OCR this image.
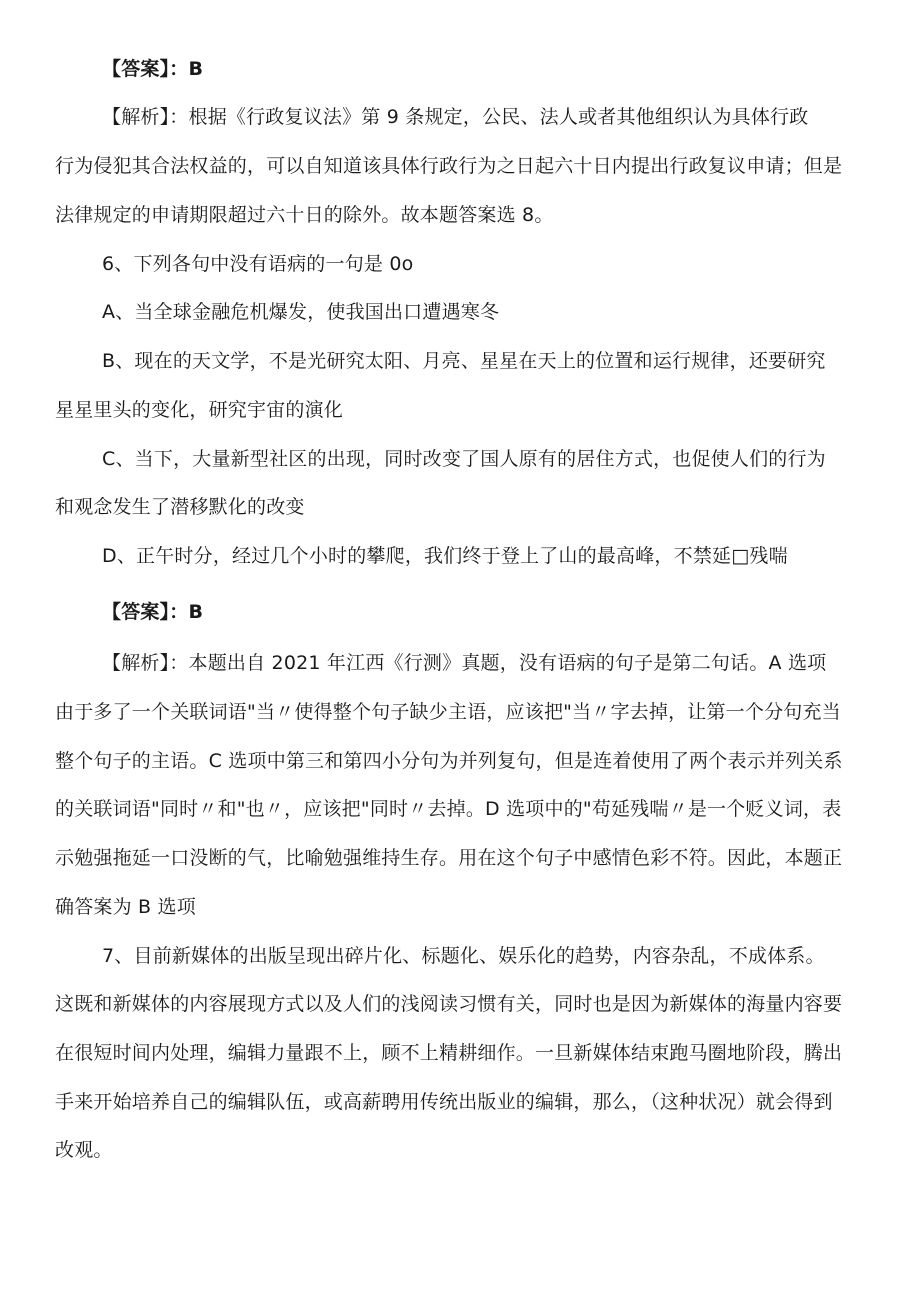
【答案】：B
【解析】：根据《行政复议法》第 9 条规定，公民、法人或者其他组织认为具体行政
行为侵犯其合法权益的，可以自知道该具体行政行为之日起六十日内提出行政复议申请；但是
法律规定的申请期限超过六十日的除外。故本题答案选 8。
6、下列各句中没有语病的一句是 0o
A、当全球金融危机爆发，使我国出口遭遇寒冬
B、现在的天文学，不是光研究太阳、月亮、星星在天上的位置和运行规律，还要研究
星星里头的变化，研究宇宙的演化
C、当下，大量新型社区的出现，同时改变了国人原有的居住方式，也促使人们的行为
和观念发生了潜移默化的改变
D、正午时分，经过几个小时的攀爬，我们终于登上了山的最高峰，不禁延□残喘
【答案】：B
【解析】：本题出自 2021 年江西《行测》真题，没有语病的句子是第二句话。A 选项
由于多了一个关联词语"当〃使得整个句子缺少主语，应该把"当〃字去掉，让第一个分句充当
整个句子的主语。C 选项中第三和第四小分句为并列复句，但是连着使用了两个表示并列关系
的关联词语"同时〃和"也〃，应该把"同时〃去掉。D 选项中的"苟延残喘〃是一个贬义词，表
示勉强拖延一口没断的气，比喻勉强维持生存。用在这个句子中感情色彩不符。因此，本题正
确答案为 B 选项
7、目前新媒体的出版呈现出碎片化、标题化、娱乐化的趋势，内容杂乱，不成体系。
这既和新媒体的内容展现方式以及人们的浅阅读习惯有关，同时也是因为新媒体的海量内容要
在很短时间内处理，编辑力量跟不上，顾不上精耕细作。一旦新媒体结束跑马圈地阶段，腾出
手来开始培养自己的编辑队伍，或高薪聘用传统出版业的编辑，那么，（这种状况）就会得到
改观。
